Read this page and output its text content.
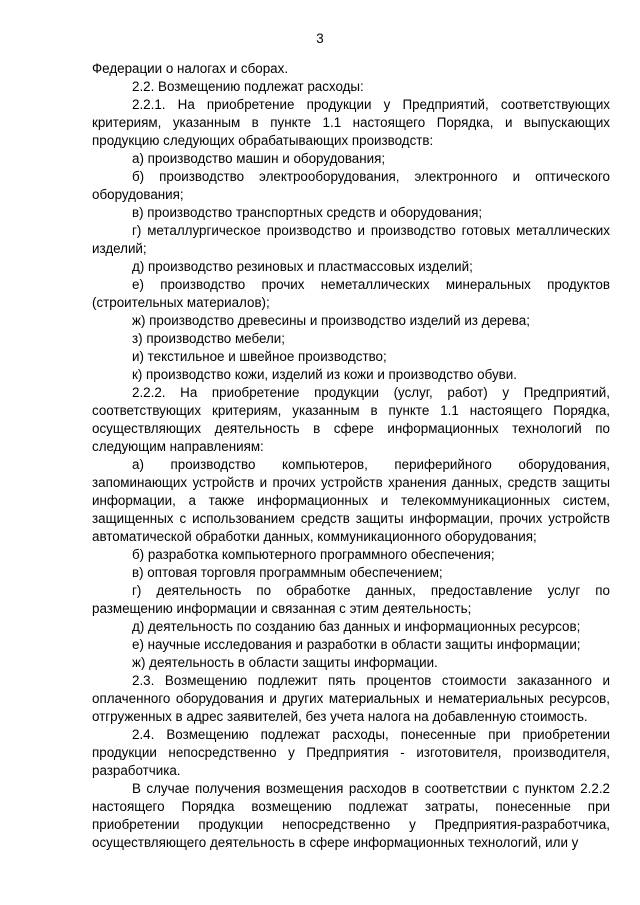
3

Федерации о налогах и сборах.

2.2. Возмещению подлежат расходы:

2.2.1. На приобретение продукции у Предприятий, соответствующих критериям, указанным в пункте 1.1 настоящего Порядка, и выпускающих продукцию следующих обрабатывающих производств:

а) производство машин и оборудования;

б) производство электрооборудования, электронного и оптического оборудования;

в) производство транспортных средств и оборудования;

г) металлургическое производство и производство готовых металлических изделий;

д) производство резиновых и пластмассовых изделий;

е) производство прочих неметаллических минеральных продуктов (строительных материалов);

ж) производство древесины и производство изделий из дерева;

з) производство мебели;

и) текстильное и швейное производство;

к) производство кожи, изделий из кожи и производство обуви.

2.2.2. На приобретение продукции (услуг, работ) у Предприятий, соответствующих критериям, указанным в пункте 1.1 настоящего Порядка, осуществляющих деятельность в сфере информационных технологий по следующим направлениям:

а) производство компьютеров, периферийного оборудования, запоминающих устройств и прочих устройств хранения данных, средств защиты информации, а также информационных и телекоммуникационных систем, защищенных с использованием средств защиты информации, прочих устройств автоматической обработки данных, коммуникационного оборудования;

б) разработка компьютерного программного обеспечения;

в) оптовая торговля программным обеспечением;

г) деятельность по обработке данных, предоставление услуг по размещению информации и связанная с этим деятельность;

д) деятельность по созданию баз данных и информационных ресурсов;

е) научные исследования и разработки в области защиты информации;

ж) деятельность в области защиты информации.

2.3. Возмещению подлежит пять процентов стоимости заказанного и оплаченного оборудования и других материальных и нематериальных ресурсов, отгруженных в адрес заявителей, без учета налога на добавленную стоимость.

2.4. Возмещению подлежат расходы, понесенные при приобретении продукции непосредственно у Предприятия - изготовителя, производителя, разработчика.

В случае получения возмещения расходов в соответствии с пунктом 2.2.2 настоящего Порядка возмещению подлежат затраты, понесенные при приобретении продукции непосредственно у Предприятия-разработчика, осуществляющего деятельность в сфере информационных технологий, или у
